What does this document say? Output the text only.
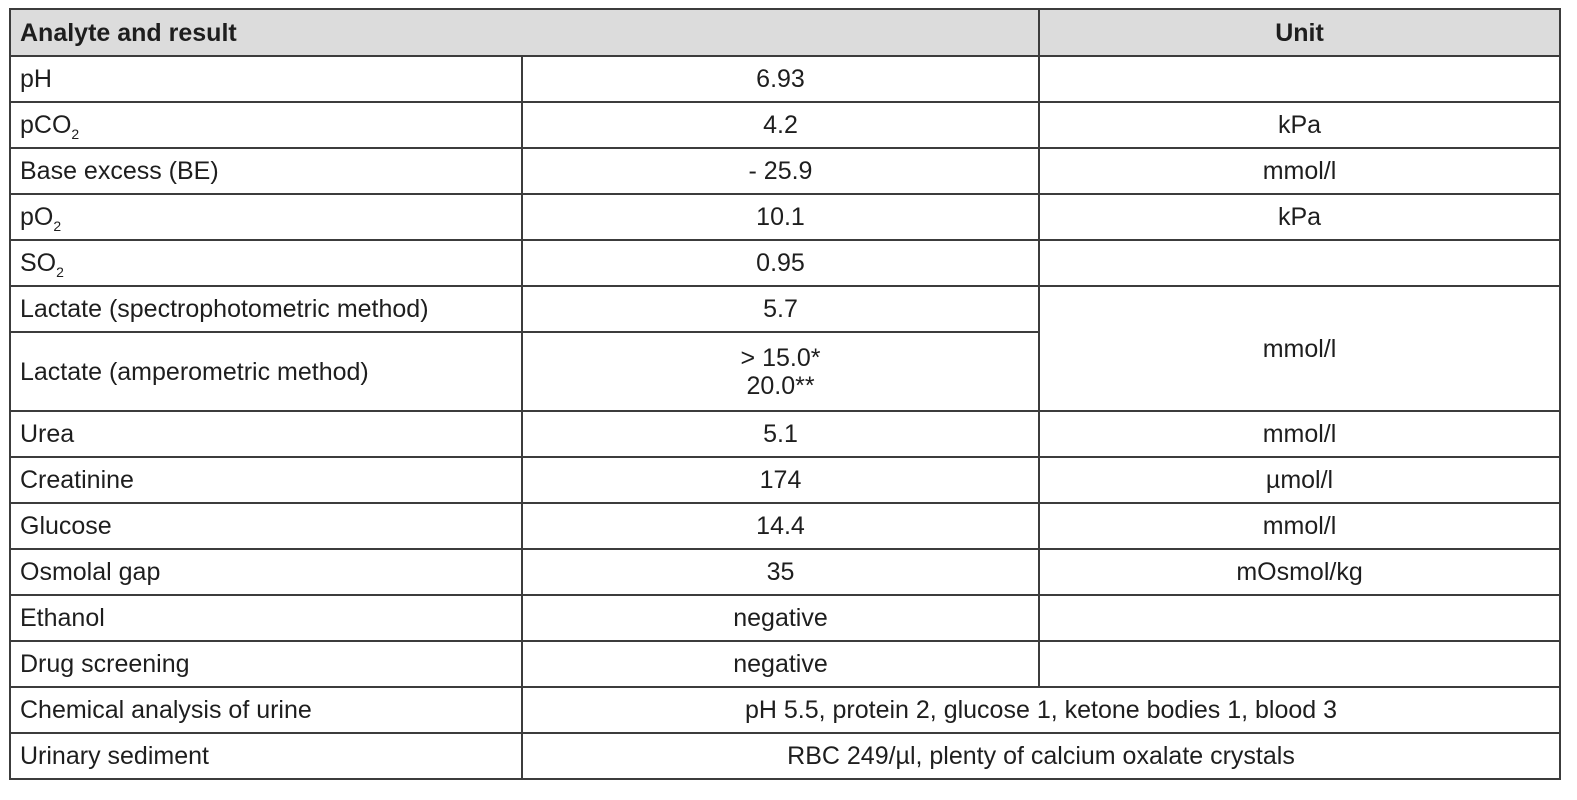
Analyte and result		Unit
pH	6.93	
pCO$_2$	4.2	kPa
Base excess (BE)	- 25.9	mmol/l
$pO_2$	10.1	kPa
$SO_2$	0.95	
Lactate (spectrophotometric method)	5.7	mmol/l
Lactate (amperometric method)	> 15.0*
20.0**	

Urea	5.1	mmol/l
Creatinine	174	µmol/l
Glucose	14.4	mmol/l
Osmolal gap	35	mOsmol/kg
Ethanol	negative	
Drug screening	negative	
Chemical analysis of urine	pH 5.5, protein 2, glucose 1, ketone bodies 1, blood 3	
Urinary sediment	RBC 249/µl, plenty of calcium oxalate crystals	
